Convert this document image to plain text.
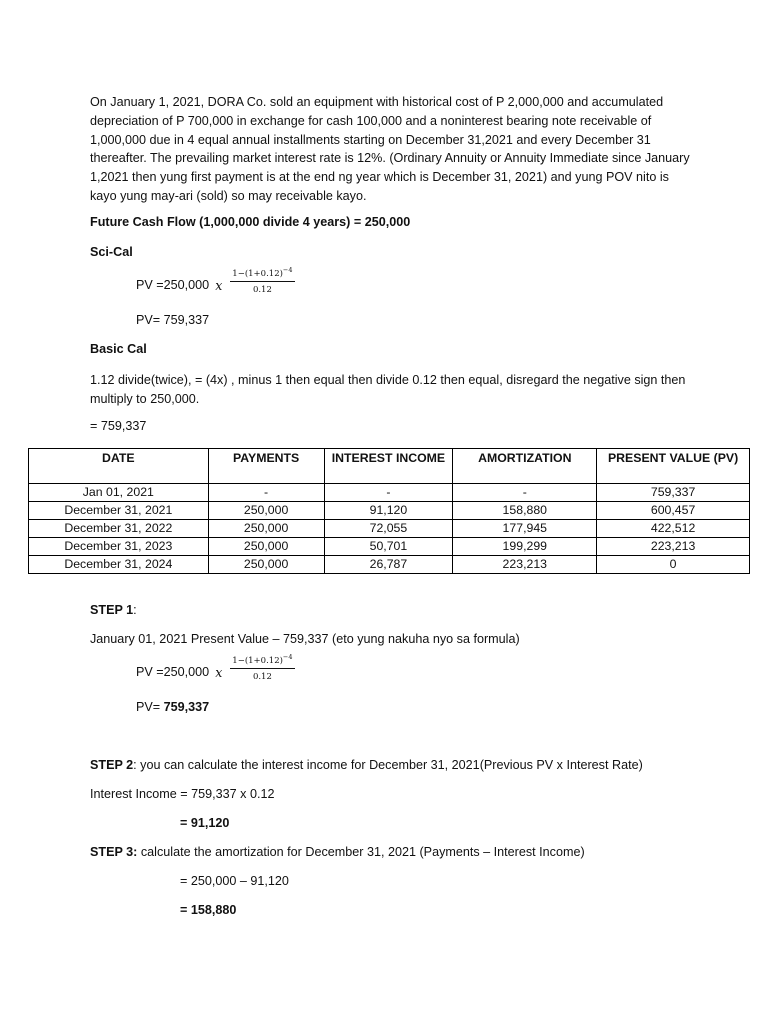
On January 1, 2021, DORA Co. sold an equipment with historical cost of P 2,000,000 and accumulated depreciation of P 700,000 in exchange for cash 100,000 and a noninterest bearing note receivable of 1,000,000 due in 4 equal annual installments starting on December 31,2021 and every December 31 thereafter. The prevailing market interest rate is 12%. (Ordinary Annuity or Annuity Immediate since January 1,2021 then yung first payment is at the end ng year which is December 31, 2021) and yung POV nito is kayo yung may-ari (sold) so may receivable kayo.

Future Cash Flow (1,000,000 divide 4 years) = 250,000

Sci-Cal

PV =250,000 x $\frac{1-(1+0.12)^{-4}}{0.12}$

PV= 759,337

Basic Cal

1.12 divide(twice), = (4x) , minus 1 then equal then divide 0.12 then equal, disregard the negative sign then multiply to 250,000.

= 759,337

DATE	PAYMENTS	INTEREST INCOME	AMORTIZATION	PRESENT VALUE (PV)
Jan 01, 2021	-	-	-	759,337
December 31, 2021	250,000	91,120	158,880	600,457
December 31, 2022	250,000	72,055	177,945	422,512
December 31, 2023	250,000	50,701	199,299	223,213
December 31, 2024	250,000	26,787	223,213	0

STEP 1:

January 01, 2021 Present Value – 759,337 (eto yung nakuha nyo sa formula)

PV =250,000 x $\frac{1-(1+0.12)^{-4}}{0.12}$

PV= 759,337

STEP 2: you can calculate the interest income for December 31, 2021(Previous PV x Interest Rate)

Interest Income = 759,337 x 0.12

= 91,120

STEP 3: calculate the amortization for December 31, 2021 (Payments – Interest Income)

= 250,000 – 91,120

= 158,880
